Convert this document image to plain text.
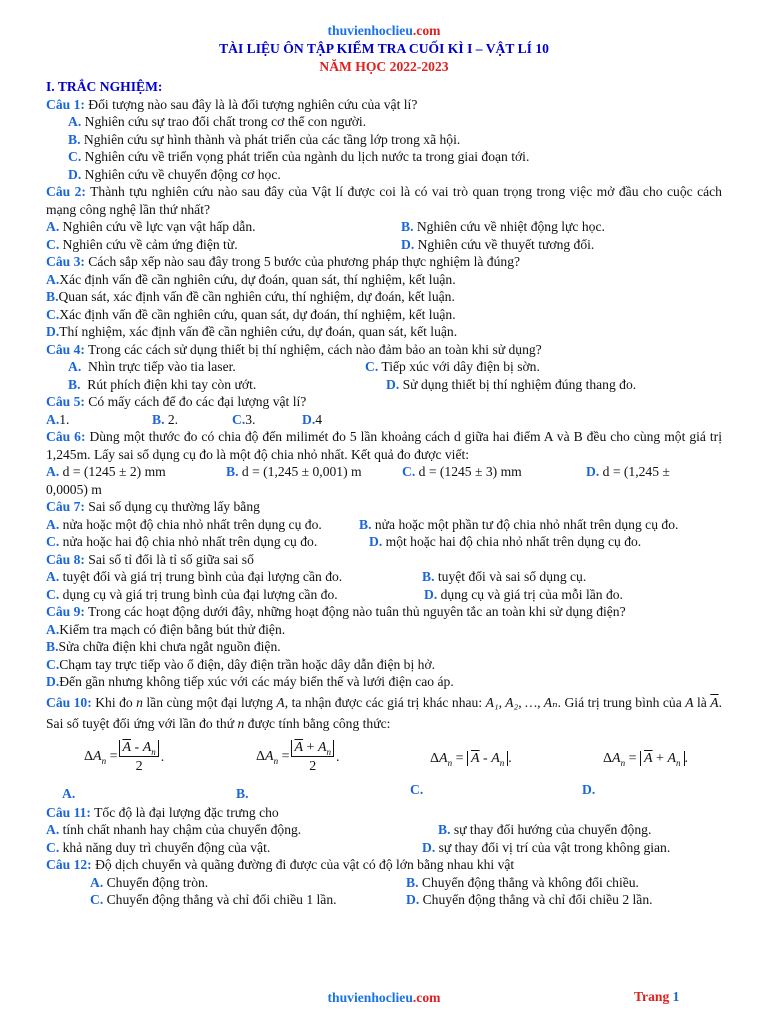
thuvienhoclieu.com
TÀI LIỆU ÔN TẬP KIỂM TRA CUỐI KÌ I – VẬT LÍ 10
NĂM HỌC 2022-2023
I. TRẮC NGHIỆM:
Câu 1: Đối tượng nào sau đây là là đối tượng nghiên cứu của vật lí?
A.
Nghiên cứu sự trao đổi chất trong cơ thể con người.
B.
Nghiên cứu sự hình thành và phát triển của các tầng lớp trong xã hội.
C.
Nghiên cứu về triển vọng phát triển của ngành du lịch nước ta trong giai đoạn tới.
D.
Nghiên cứu về chuyển động cơ học.
Câu 2: Thành tựu nghiên cứu nào sau đây của Vật lí được coi là có vai trò quan trọng trong việc mở đầu cho cuộc cách mạng công nghệ lần thứ nhất?
A. Nghiên cứu về lực vạn vật hấp dẫn.	B. Nghiên cứu về nhiệt động lực học.
C. Nghiên cứu về cảm ứng điện từ.	D. Nghiên cứu về thuyết tương đối.
Câu 3: Cách sắp xếp nào sau đây trong 5 bước của phương pháp thực nghiệm là đúng?
A. Xác định vấn đề cần nghiên cứu, dự đoán, quan sát, thí nghiệm, kết luận.
B. Quan sát, xác định vấn đề cần nghiên cứu, thí nghiệm, dự đoán, kết luận.
C. Xác định vấn đề cần nghiên cứu, quan sát, dự đoán, thí nghiệm, kết luận.
D. Thí nghiệm, xác định vấn đề cần nghiên cứu, dự đoán, quan sát, kết luận.
Câu 4: Trong các cách sử dụng thiết bị thí nghiệm, cách nào đảm bảo an toàn khi sử dụng?
A. Nhìn trực tiếp vào tia laser.	C. Tiếp xúc với dây điện bị sờn.
B. Rút phích điện khi tay còn ướt.	D. Sử dụng thiết bị thí nghiệm đúng thang đo.
Câu 5: Có mấy cách để đo các đại lượng vật lí?
A.1.	B. 2.	C.3.	D.4
Câu 6: Dùng một thước đo có chia độ đến milimét đo 5 lần khoảng cách d giữa hai điểm A và B đều cho cùng một giá trị 1,245m. Lấy sai số dụng cụ đo là một độ chia nhỏ nhất. Kết quả đo được viết:
A. d = (1245 ± 2) mm	B. d = (1,245 ± 0,001) m	C. d = (1245 ± 3) mm	D. d = (1,245 ±
0,0005) m
Câu 7: Sai số dụng cụ thường lấy bằng
A. nửa hoặc một độ chia nhỏ nhất trên dụng cụ đo.	B. nửa hoặc một phần tư độ chia nhỏ nhất trên dụng cụ đo.
C. nửa hoặc hai độ chia nhỏ nhất trên dụng cụ đo.	D. một hoặc hai độ chia nhỏ nhất trên dụng cụ đo.
Câu 8: Sai số tỉ đối là tỉ số giữa sai số
A. tuyệt đối và giá trị trung bình của đại lượng cần đo.	B. tuyệt đối và sai số dụng cụ.
C. dụng cụ và giá trị trung bình của đại lượng cần đo.	D. dụng cụ và giá trị của mỗi lần đo.
Câu 9: Trong các hoạt động dưới đây, những hoạt động nào tuân thủ nguyên tắc an toàn khi sử dụng điện?
A. Kiểm tra mạch có điện bằng bút thử điện.
B. Sửa chữa điện khi chưa ngắt nguồn điện.
C. Chạm tay trực tiếp vào ổ điện, dây điện trần hoặc dây dẫn điện bị hở.
D. Đến gần nhưng không tiếp xúc với các máy biến thế và lưới điện cao áp.
Câu 10: Khi đo n lần cùng một đại lượng A, ta nhận được các giá trị khác nhau: A₁, A₂, …, Aₙ. Giá trị trung bình của A là $\overline{A}$. Sai số tuyệt đối ứng với lần đo thứ n được tính bằng công thức:
$\Delta A_n = \frac{\overline{A} - A_n}{2}$ .	$\Delta A_n = \frac{\overline{A} + A_n}{2}$ .	$\Delta A_n = \overline{A} - A_n$ .	$\Delta A_n = \overline{A} + A_n$ .
A.	B.	C.	D.
Câu 11: Tốc độ là đại lượng đặc trưng cho
A. tính chất nhanh hay chậm của chuyển động.	B. sự thay đổi hướng của chuyển động.
C. khả năng duy trì chuyển động của vật.	D. sự thay đổi vị trí của vật trong không gian.
Câu 12: Độ dịch chuyển và quãng đường đi được của vật có độ lớn bằng nhau khi vật
A. Chuyển động tròn.	B. Chuyển động thẳng và không đổi chiều.
C. Chuyển động thẳng và chỉ đổi chiều 1 lần.	D. Chuyển động thẳng và chỉ đổi chiều 2 lần.
thuvienhoclieu.com	Trang 1
